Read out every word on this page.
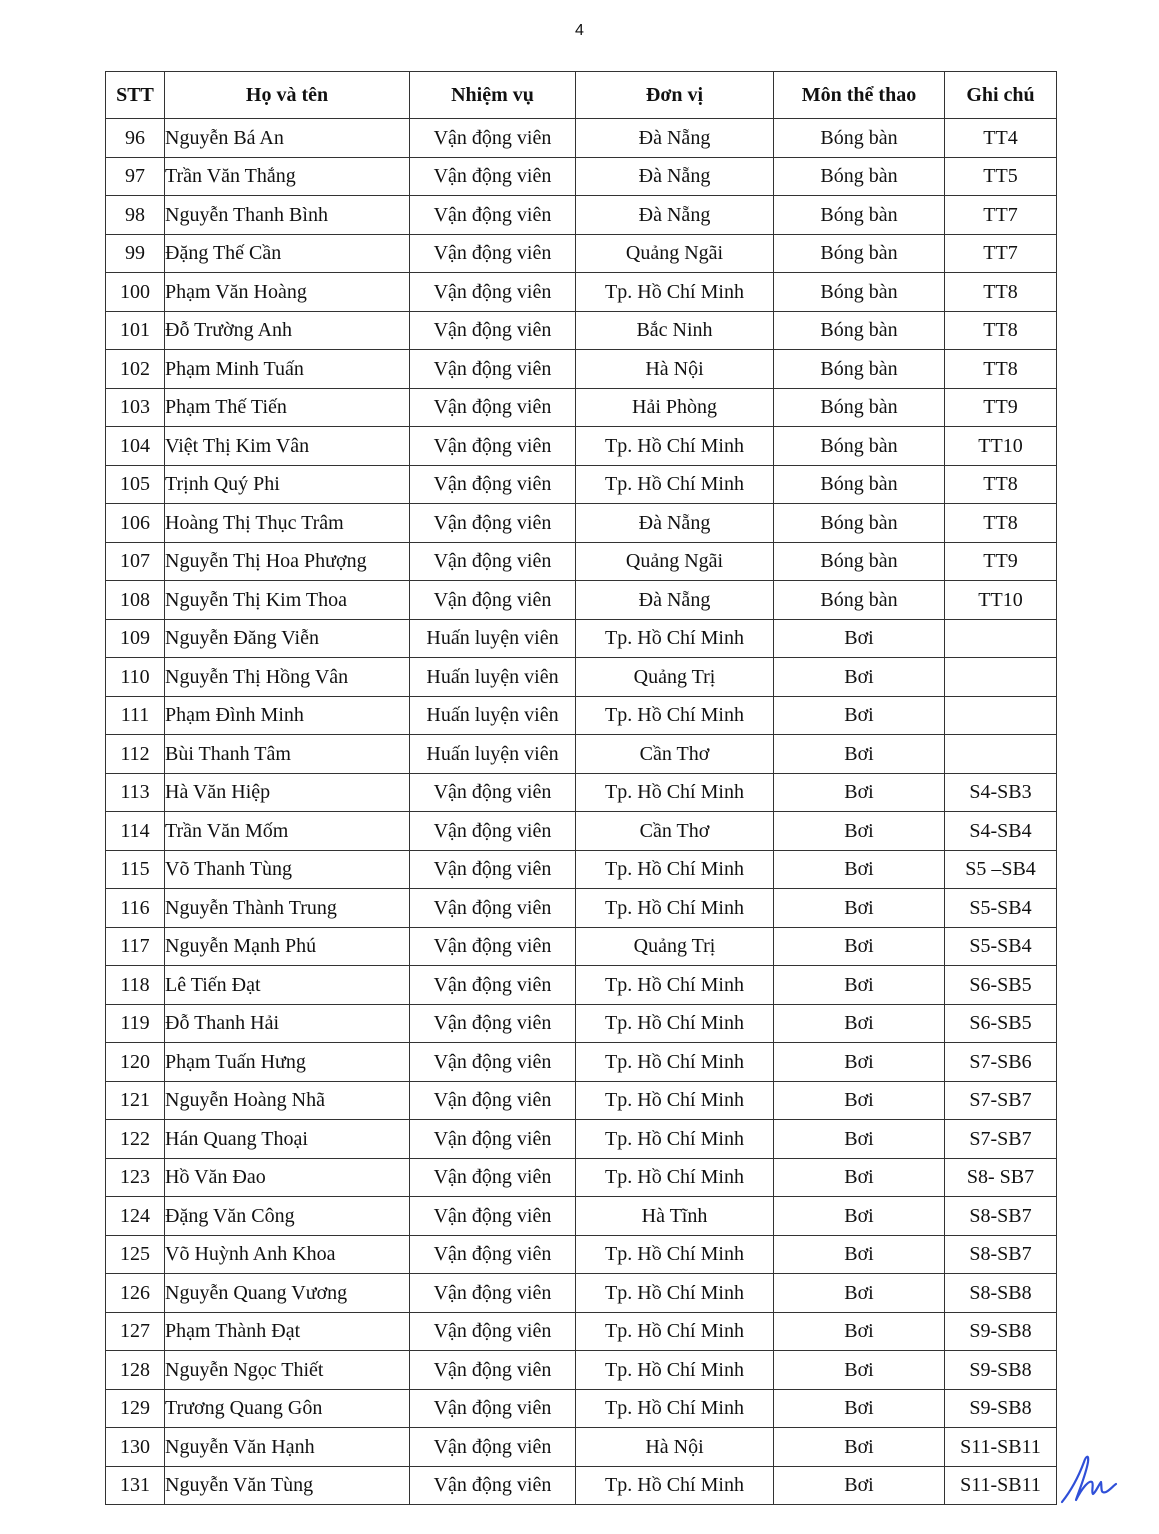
4
STT	Họ và tên	Nhiệm vụ	Đơn vị	Môn thể thao	Ghi chú
96	Nguyễn Bá An	Vận động viên	Đà Nẵng	Bóng bàn	TT4
97	Trần Văn Thắng	Vận động viên	Đà Nẵng	Bóng bàn	TT5
98	Nguyễn Thanh Bình	Vận động viên	Đà Nẵng	Bóng bàn	TT7
99	Đặng Thế Cần	Vận động viên	Quảng Ngãi	Bóng bàn	TT7
100	Phạm Văn Hoàng	Vận động viên	Tp. Hồ Chí Minh	Bóng bàn	TT8
101	Đỗ Trường Anh	Vận động viên	Bắc Ninh	Bóng bàn	TT8
102	Phạm Minh Tuấn	Vận động viên	Hà Nội	Bóng bàn	TT8
103	Phạm Thế Tiến	Vận động viên	Hải Phòng	Bóng bàn	TT9
104	Việt Thị Kim Vân	Vận động viên	Tp. Hồ Chí Minh	Bóng bàn	TT10
105	Trịnh Quý Phi	Vận động viên	Tp. Hồ Chí Minh	Bóng bàn	TT8
106	Hoàng Thị Thục Trâm	Vận động viên	Đà Nẵng	Bóng bàn	TT8
107	Nguyễn Thị Hoa Phượng	Vận động viên	Quảng Ngãi	Bóng bàn	TT9
108	Nguyễn Thị Kim Thoa	Vận động viên	Đà Nẵng	Bóng bàn	TT10
109	Nguyễn Đăng Viễn	Huấn luyện viên	Tp. Hồ Chí Minh	Bơi	
110	Nguyễn Thị Hồng Vân	Huấn luyện viên	Quảng Trị	Bơi	
111	Phạm Đình Minh	Huấn luyện viên	Tp. Hồ Chí Minh	Bơi	
112	Bùi Thanh Tâm	Huấn luyện viên	Cần Thơ	Bơi	
113	Hà Văn Hiệp	Vận động viên	Tp. Hồ Chí Minh	Bơi	S4-SB3
114	Trần Văn Mốm	Vận động viên	Cần Thơ	Bơi	S4-SB4
115	Võ Thanh Tùng	Vận động viên	Tp. Hồ Chí Minh	Bơi	S5 –SB4
116	Nguyễn Thành Trung	Vận động viên	Tp. Hồ Chí Minh	Bơi	S5-SB4
117	Nguyễn Mạnh Phú	Vận động viên	Quảng Trị	Bơi	S5-SB4
118	Lê Tiến Đạt	Vận động viên	Tp. Hồ Chí Minh	Bơi	S6-SB5
119	Đỗ Thanh Hải	Vận động viên	Tp. Hồ Chí Minh	Bơi	S6-SB5
120	Phạm Tuấn Hưng	Vận động viên	Tp. Hồ Chí Minh	Bơi	S7-SB6
121	Nguyễn Hoàng Nhã	Vận động viên	Tp. Hồ Chí Minh	Bơi	S7-SB7
122	Hán Quang Thoại	Vận động viên	Tp. Hồ Chí Minh	Bơi	S7-SB7
123	Hồ Văn Đao	Vận động viên	Tp. Hồ Chí Minh	Bơi	S8- SB7
124	Đặng Văn Công	Vận động viên	Hà Tĩnh	Bơi	S8-SB7
125	Võ Huỳnh Anh Khoa	Vận động viên	Tp. Hồ Chí Minh	Bơi	S8-SB7
126	Nguyễn Quang Vương	Vận động viên	Tp. Hồ Chí Minh	Bơi	S8-SB8
127	Phạm Thành Đạt	Vận động viên	Tp. Hồ Chí Minh	Bơi	S9-SB8
128	Nguyễn Ngọc Thiết	Vận động viên	Tp. Hồ Chí Minh	Bơi	S9-SB8
129	Trương Quang Gôn	Vận động viên	Tp. Hồ Chí Minh	Bơi	S9-SB8
130	Nguyễn Văn Hạnh	Vận động viên	Hà Nội	Bơi	S11-SB11
131	Nguyễn Văn Tùng	Vận động viên	Tp. Hồ Chí Minh	Bơi	S11-SB11
